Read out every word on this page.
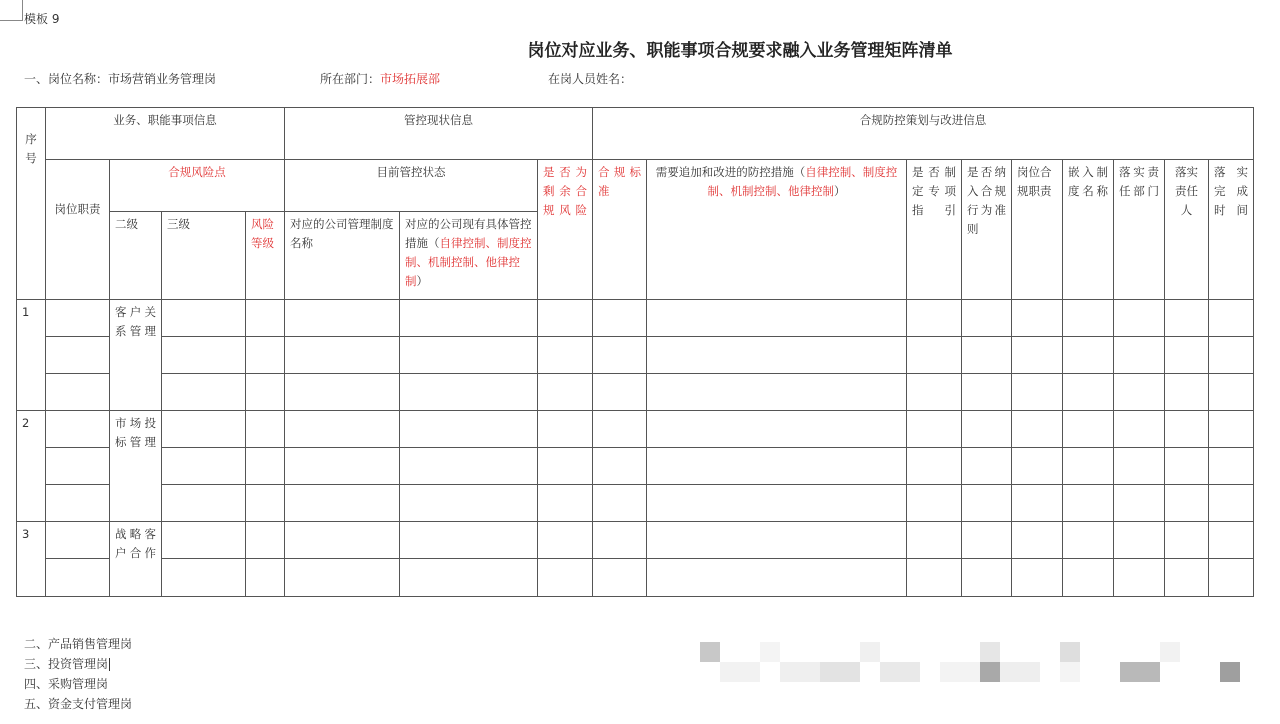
模板 9
岗位对应业务、职能事项合规要求融入业务管理矩阵清单
一、岗位名称：市场营销业务管理岗	所在部门：市场拓展部	在岗人员姓名：
序号	业务、职能事项信息				管控现状信息			合规防控策划与改进信息								
	岗位职责	合规风险点			目前管控状态		是否为剩余合规风险	合规标准	需要追加和改进的防控措施（自律控制、制度控制、机制控制、他律控制）	是否制定专项指引	是否纳入合规行为准则	岗位合规职责	嵌入制度名称	落实责任部门	落实责任人	落实完成时间
		二级	三级	风险等级	对应的公司管理制度名称	对应的公司现有具体管控措施（自律控制、制度控制、机制控制、他律控制）										
1		客户关系管理														

2		市场投标管理														

3		战略客户合作														

二、产品销售管理岗
三、投资管理岗
四、采购管理岗
五、资金支付管理岗
